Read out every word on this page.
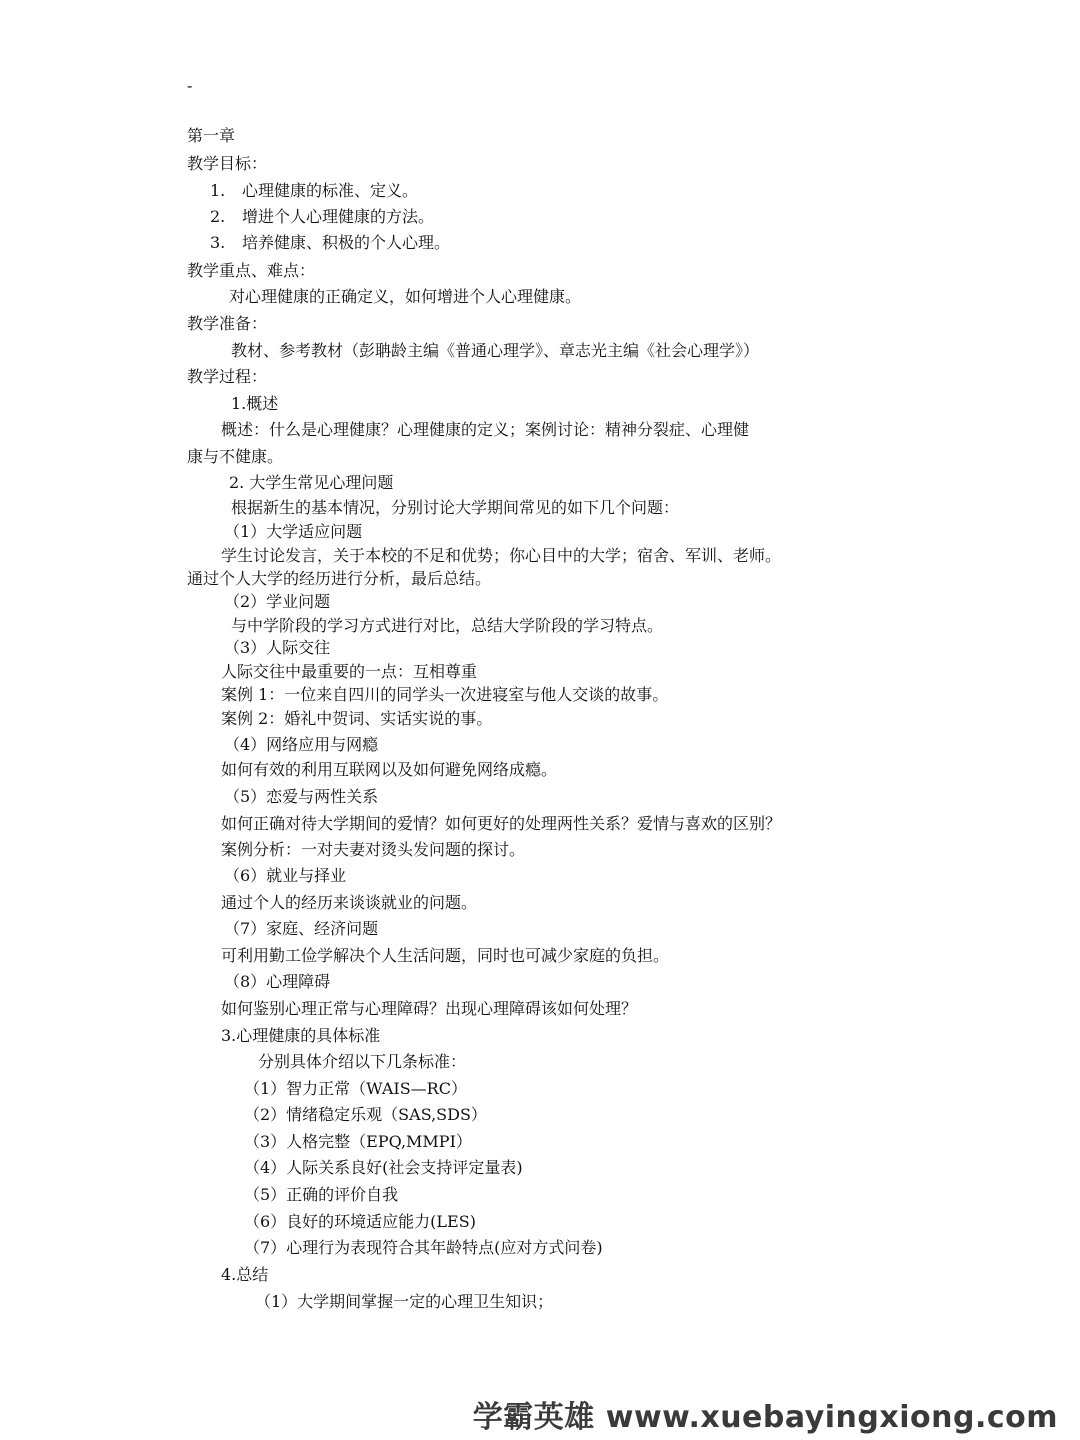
-
第一章
教学目标：
1. 心理健康的标准、定义。
2. 增进个人心理健康的方法。
3. 培养健康、积极的个人心理。
教学重点、难点：
对心理健康的正确定义，如何增进个人心理健康。
教学准备：
教材、参考教材（彭聃龄主编《普通心理学》、章志光主编《社会心理学》）
教学过程：
1.概述
概述：什么是心理健康？心理健康的定义；案例讨论：精神分裂症、心理健
康与不健康。
2. 大学生常见心理问题
根据新生的基本情况，分别讨论大学期间常见的如下几个问题：
（1）大学适应问题
学生讨论发言，关于本校的不足和优势；你心目中的大学；宿舍、军训、老师。
通过个人大学的经历进行分析，最后总结。
（2）学业问题
与中学阶段的学习方式进行对比，总结大学阶段的学习特点。
（3）人际交往
人际交往中最重要的一点：互相尊重
案例 1：一位来自四川的同学头一次进寝室与他人交谈的故事。
案例 2：婚礼中贺词、实话实说的事。
（4）网络应用与网瘾
如何有效的利用互联网以及如何避免网络成瘾。
（5）恋爱与两性关系
如何正确对待大学期间的爱情？如何更好的处理两性关系？爱情与喜欢的区别？
案例分析：一对夫妻对烫头发问题的探讨。
（6）就业与择业
通过个人的经历来谈谈就业的问题。
（7）家庭、经济问题
可利用勤工俭学解决个人生活问题，同时也可减少家庭的负担。
（8）心理障碍
如何鉴别心理正常与心理障碍？出现心理障碍该如何处理？
3.心理健康的具体标准
分别具体介绍以下几条标准：
（1）智力正常（WAIS—RC）
（2）情绪稳定乐观（SAS,SDS）
（3）人格完整（EPQ,MMPI）
（4）人际关系良好(社会支持评定量表)
（5）正确的评价自我
（6）良好的环境适应能力(LES)
（7）心理行为表现符合其年龄特点(应对方式问卷)
4.总结
（1）大学期间掌握一定的心理卫生知识；
学霸英雄 www.xuebayingxiong.com
